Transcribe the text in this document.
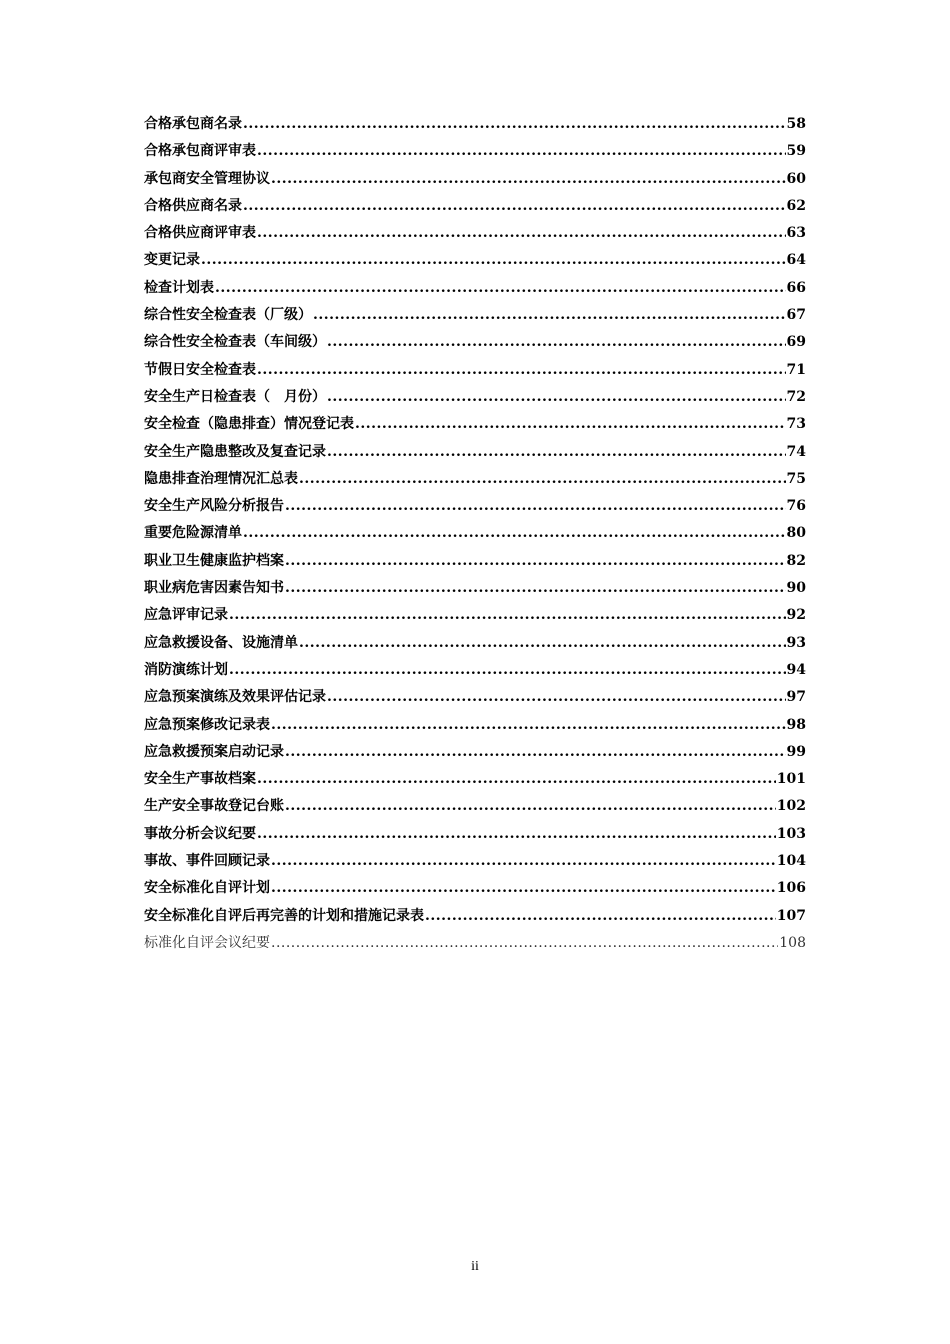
合格承包商名录 .....	58
合格承包商评审表 .....	59
承包商安全管理协议 .....	60
合格供应商名录 .....	62
合格供应商评审表 .....	63
变更记录 .....	64
检查计划表 .....	66
综合性安全检查表（厂级） .....	67
综合性安全检查表（车间级） .....	69
节假日安全检查表 .....	71
安全生产日检查表（　月份） .....	72
安全检查（隐患排查）情况登记表 .....	73
安全生产隐患整改及复查记录 .....	74
隐患排查治理情况汇总表 .....	75
安全生产风险分析报告 .....	76
重要危险源清单 .....	80
职业卫生健康监护档案 .....	82
职业病危害因素告知书 .....	90
应急评审记录 .....	92
应急救援设备、设施清单 .....	93
消防演练计划 .....	94
应急预案演练及效果评估记录 .....	97
应急预案修改记录表 .....	98
应急救援预案启动记录 .....	99
安全生产事故档案 .....	101
生产安全事故登记台账 .....	102
事故分析会议纪要 .....	103
事故、事件回顾记录 .....	104
安全标准化自评计划 .....	106
安全标准化自评后再完善的计划和措施记录表 .....	107
标准化自评会议纪要 .....	108
ii
